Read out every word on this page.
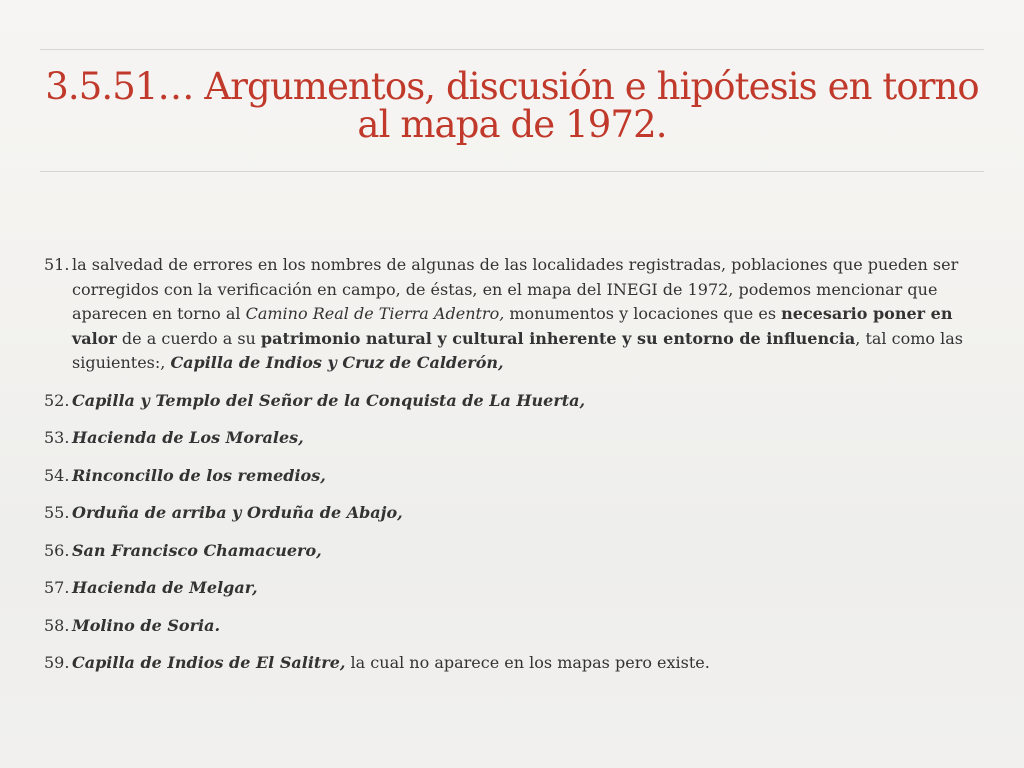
3.5.51… Argumentos, discusión e hipótesis en torno al mapa de 1972.
51. la salvedad de errores en los nombres de algunas de las localidades registradas, poblaciones que pueden ser corregidos con la verificación en campo, de éstas, en el mapa del INEGI de 1972, podemos mencionar que aparecen en torno al Camino Real de Tierra Adentro, monumentos y locaciones que es necesario poner en valor de a cuerdo a su patrimonio natural y cultural inherente y su entorno de influencia, tal como las siguientes:, Capilla de Indios y Cruz de Calderón,
52. Capilla y Templo del Señor de la Conquista de La Huerta,
53. Hacienda de Los Morales,
54. Rinconcillo de los remedios,
55. Orduña de arriba y Orduña de Abajo,
56. San Francisco Chamacuero,
57. Hacienda de Melgar,
58. Molino de Soria.
59. Capilla de Indios de El Salitre, la cual no aparece en los mapas pero existe.
